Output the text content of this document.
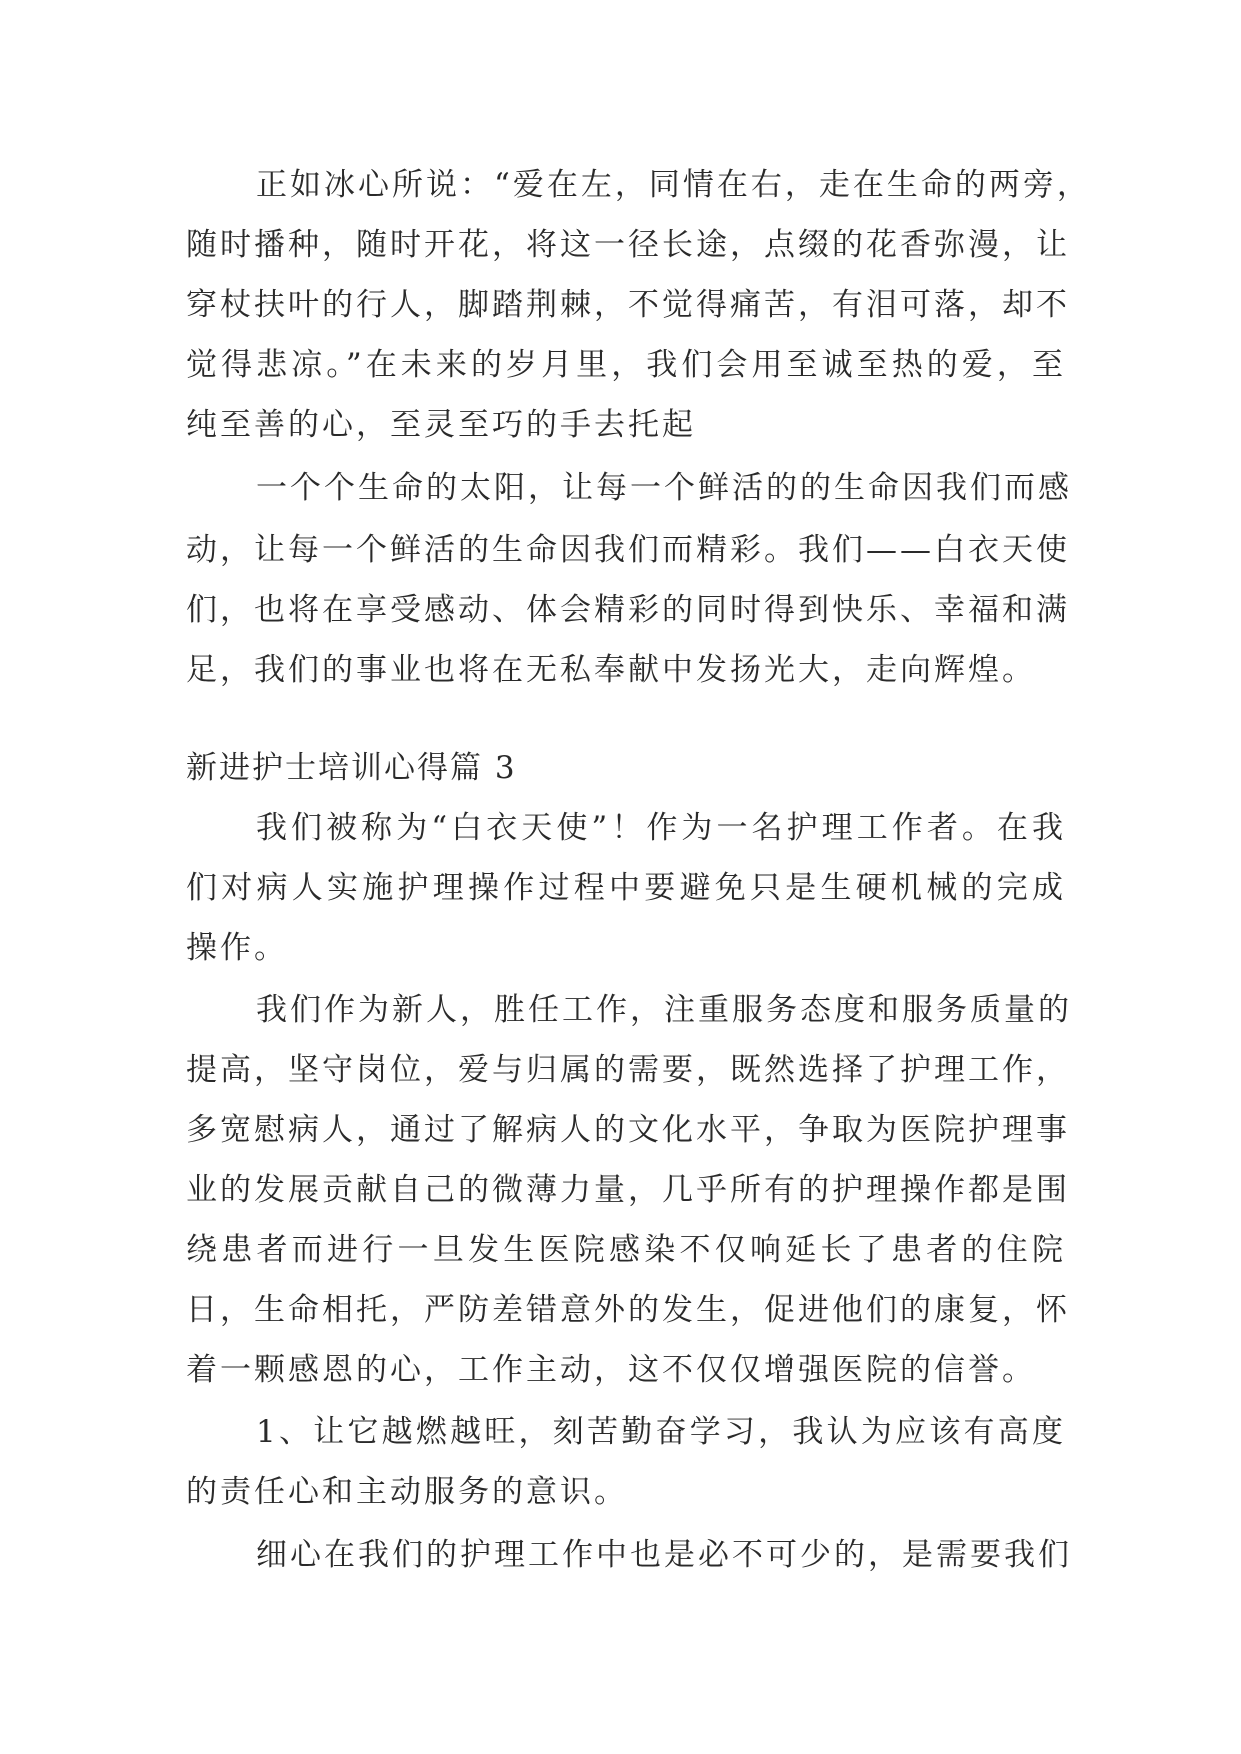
正如冰心所说：“爱在左，同情在右，走在生命的两旁，
随时播种，随时开花，将这一径长途，点缀的花香弥漫，让
穿杖扶叶的行人，脚踏荆棘，不觉得痛苦，有泪可落，却不
觉得悲凉。”在未来的岁月里，我们会用至诚至热的爱，至
纯至善的心，至灵至巧的手去托起
一个个生命的太阳，让每一个鲜活的的生命因我们而感
动，让每一个鲜活的生命因我们而精彩。我们——白衣天使
们，也将在享受感动、体会精彩的同时得到快乐、幸福和满
足，我们的事业也将在无私奉献中发扬光大，走向辉煌。
新进护士培训心得篇 3
我们被称为“白衣天使”！作为一名护理工作者。在我
们对病人实施护理操作过程中要避免只是生硬机械的完成
操作。
我们作为新人，胜任工作，注重服务态度和服务质量的
提高，坚守岗位，爱与归属的需要，既然选择了护理工作，
多宽慰病人，通过了解病人的文化水平，争取为医院护理事
业的发展贡献自己的微薄力量，几乎所有的护理操作都是围
绕患者而进行一旦发生医院感染不仅响延长了患者的住院
日，生命相托，严防差错意外的发生，促进他们的康复，怀
着一颗感恩的心，工作主动，这不仅仅增强医院的信誉。
1、让它越燃越旺，刻苦勤奋学习，我认为应该有高度
的责任心和主动服务的意识。
细心在我们的护理工作中也是必不可少的，是需要我们
